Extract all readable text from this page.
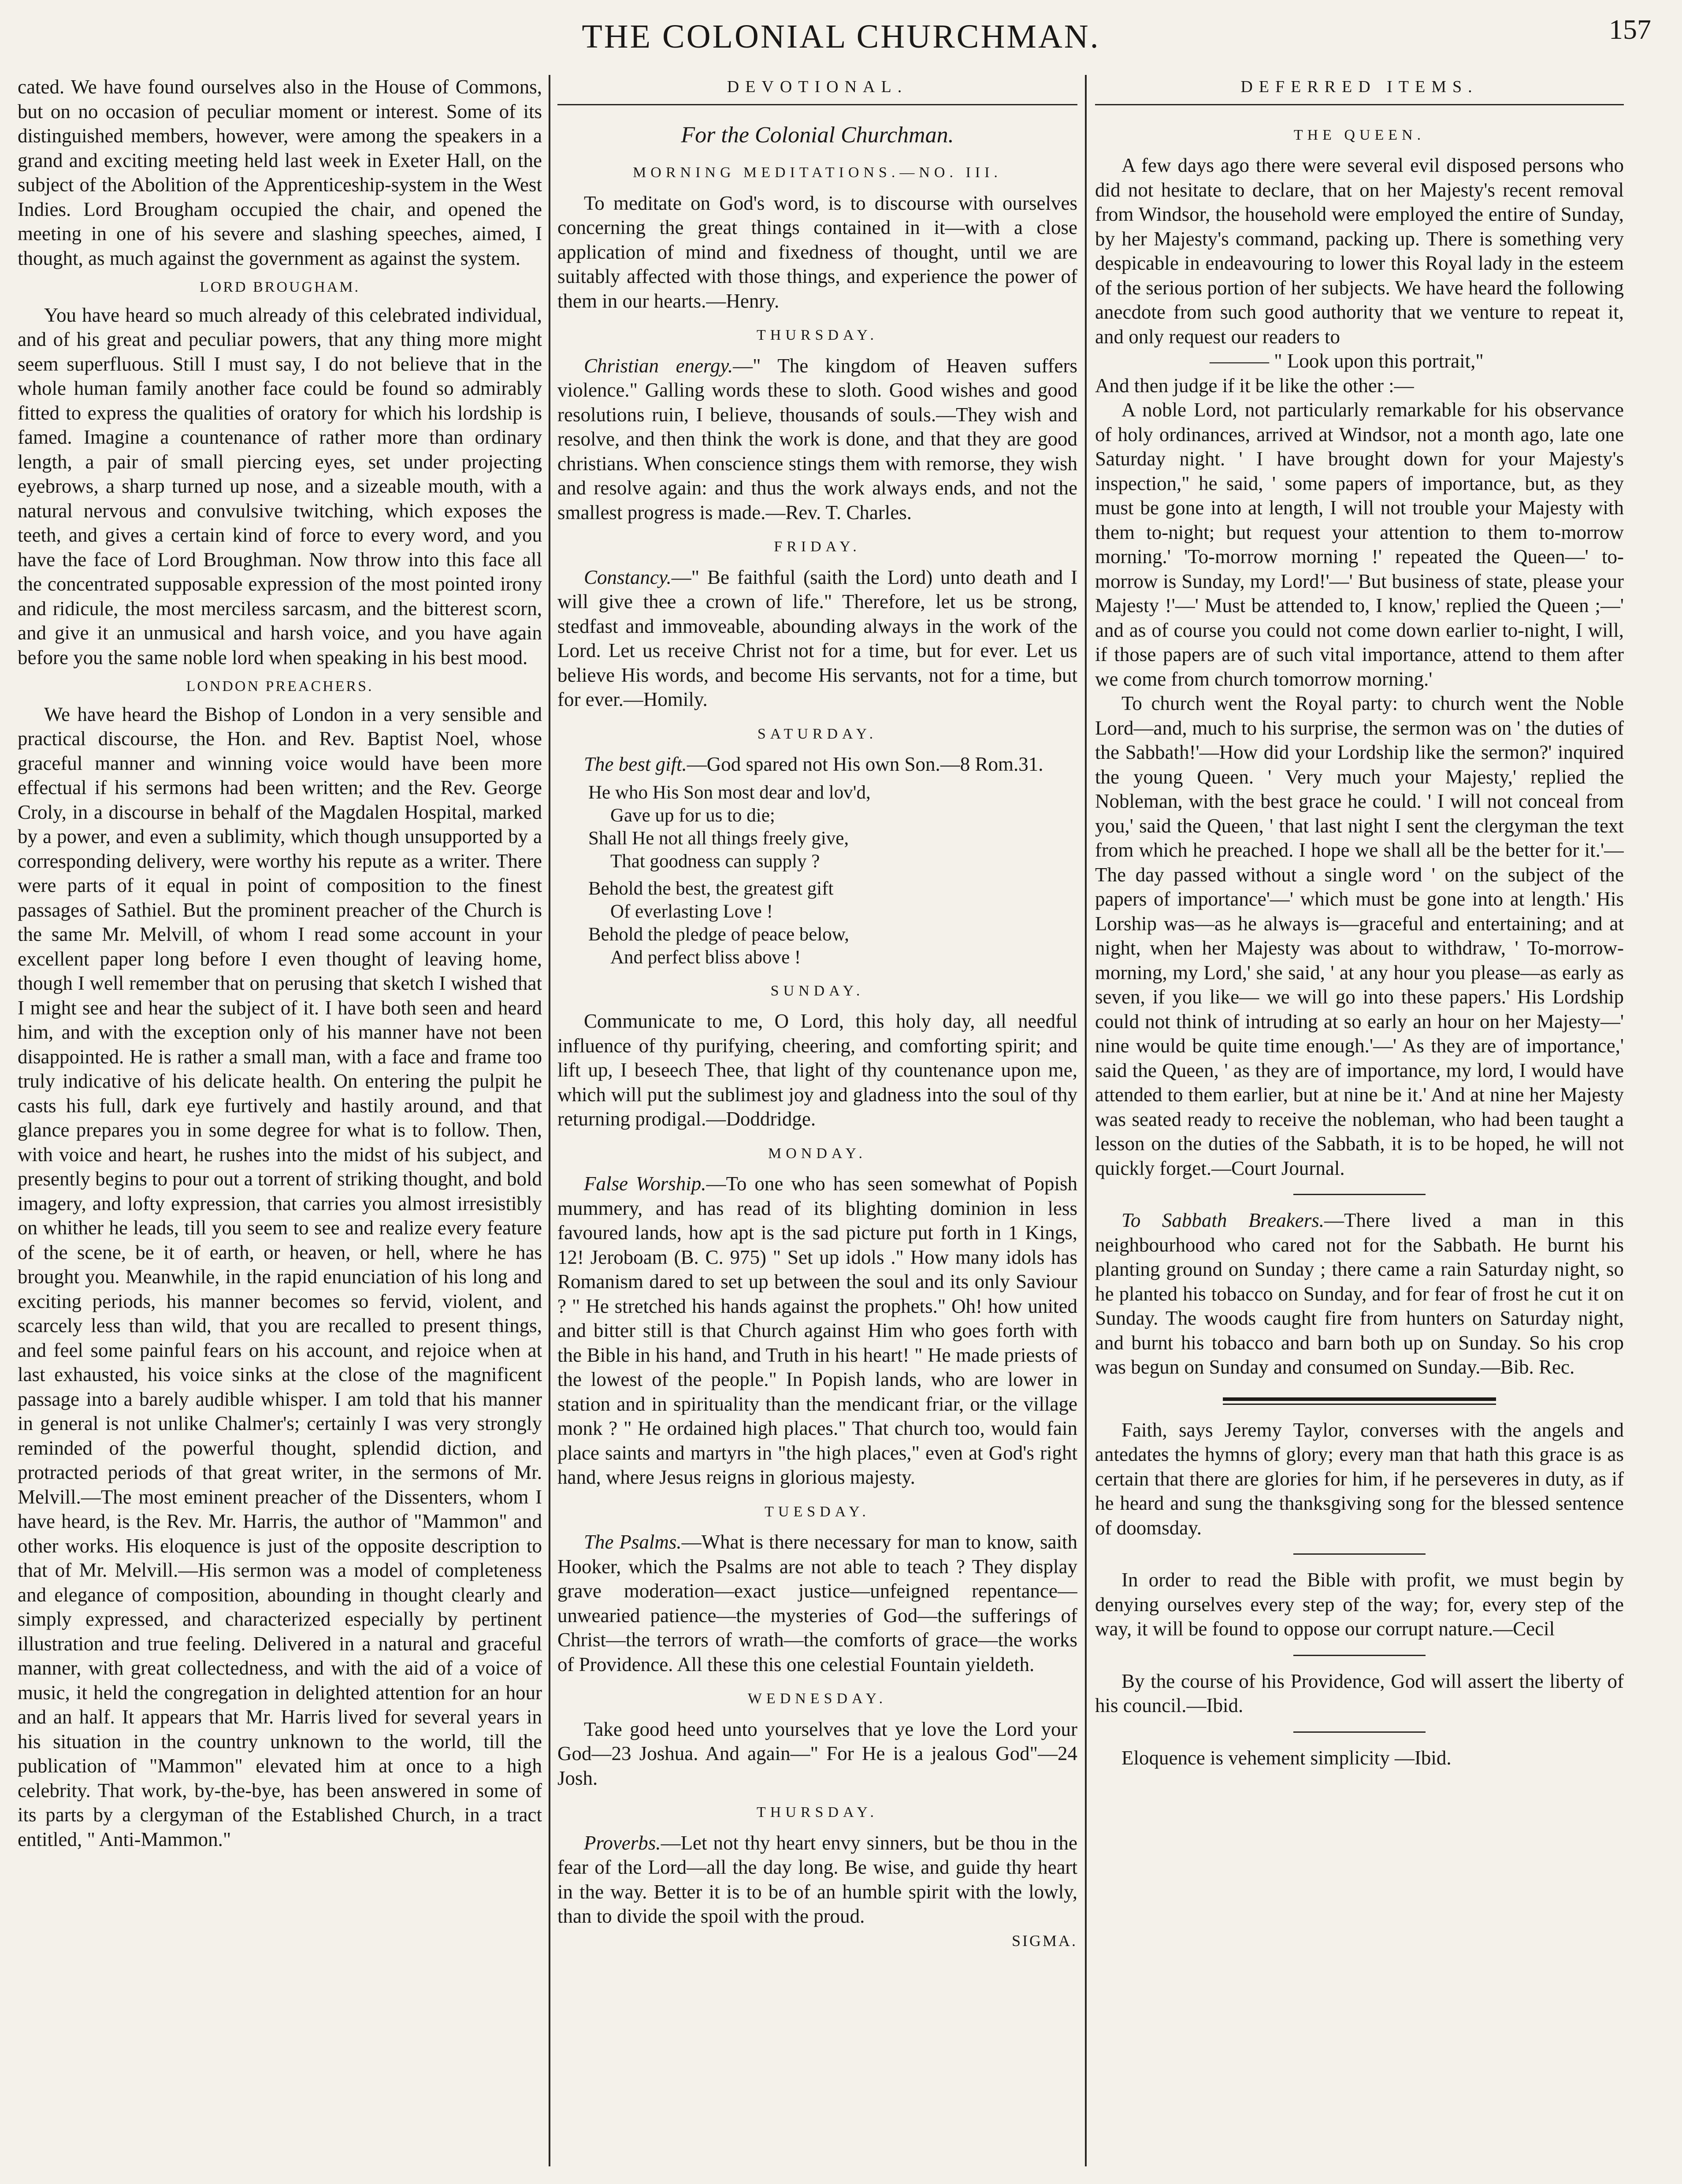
THE COLONIAL CHURCHMAN.	157

cated. We have found ourselves also in the House of Commons, but on no occasion of peculiar moment or interest. Some of its distinguished members, however, were among the speakers in a grand and exciting meeting held last week in Exeter Hall, on the subject of the Abolition of the Apprenticeship-system in the West Indies. Lord Brougham occupied the chair, and opened the meeting in one of his severe and slashing speeches, aimed, I thought, as much against the government as against the system.

LORD BROUGHAM.

You have heard so much already of this celebrated individual, and of his great and peculiar powers, that any thing more might seem superfluous. Still I must say, I do not believe that in the whole human family another face could be found so admirably fitted to express the qualities of oratory for which his lordship is famed. Imagine a countenance of rather more than ordinary length, a pair of small piercing eyes, set under projecting eyebrows, a sharp turned up nose, and a sizeable mouth, with a natural nervous and convulsive twitching, which exposes the teeth, and gives a certain kind of force to every word, and you have the face of Lord Broughman. Now throw into this face all the concentrated supposable expression of the most pointed irony and ridicule, the most merciless sarcasm, and the bitterest scorn, and give it an unmusical and harsh voice, and you have again before you the same noble lord when speaking in his best mood.

LONDON PREACHERS.

We have heard the Bishop of London in a very sensible and practical discourse, the Hon. and Rev. Baptist Noel, whose graceful manner and winning voice would have been more effectual if his sermons had been written; and the Rev. George Croly, in a discourse in behalf of the Magdalen Hospital, marked by a power, and even a sublimity, which though unsupported by a corresponding delivery, were worthy his repute as a writer. There were parts of it equal in point of composition to the finest passages of Sathiel. But the prominent preacher of the Church is the same Mr. Melvill, of whom I read some account in your excellent paper long before I even thought of leaving home, though I well remember that on perusing that sketch I wished that I might see and hear the subject of it. I have both seen and heard him, and with the exception only of his manner have not been disappointed. He is rather a small man, with a face and frame too truly indicative of his delicate health. On entering the pulpit he casts his full, dark eye furtively and hastily around, and that glance prepares you in some degree for what is to follow. Then, with voice and heart, he rushes into the midst of his subject, and presently begins to pour out a torrent of striking thought, and bold imagery, and lofty expression, that carries you almost irresistibly on whither he leads, till you seem to see and realize every feature of the scene, be it of earth, or heaven, or hell, where he has brought you. Meanwhile, in the rapid enunciation of his long and exciting periods, his manner becomes so fervid, violent, and scarcely less than wild, that you are recalled to present things, and feel some painful fears on his account, and rejoice when at last exhausted, his voice sinks at the close of the magnificent passage into a barely audible whisper. I am told that his manner in general is not unlike Chalmer's; certainly I was very strongly reminded of the powerful thought, splendid diction, and protracted periods of that great writer, in the sermons of Mr. Melvill.—The most eminent preacher of the Dissenters, whom I have heard, is the Rev. Mr. Harris, the author of "Mammon" and other works. His eloquence is just of the opposite description to that of Mr. Melvill.—His sermon was a model of completeness and elegance of composition, abounding in thought clearly and simply expressed, and characterized especially by pertinent illustration and true feeling. Delivered in a natural and graceful manner, with great collectedness, and with the aid of a voice of music, it held the congregation in delighted attention for an hour and an half. It appears that Mr. Harris lived for several years in his situation in the country unknown to the world, till the publication of "Mammon" elevated him at once to a high celebrity. That work, by-the-bye, has been answered in some of its parts by a clergyman of the Established Church, in a tract entitled, " Anti-Mammon."

DEVOTIONAL.
For the Colonial Churchman.
MORNING MEDITATIONS.—NO. III.

To meditate on God's word, is to discourse with ourselves concerning the great things contained in it—with a close application of mind and fixedness of thought, until we are suitably affected with those things, and experience the power of them in our hearts.—Henry.

THURSDAY.

Christian energy.—" The kingdom of Heaven suffers violence." Galling words these to sloth. Good wishes and good resolutions ruin, I believe, thousands of souls.—They wish and resolve, and then think the work is done, and that they are good christians. When conscience stings them with remorse, they wish and resolve again: and thus the work always ends, and not the smallest progress is made.—Rev. T. Charles.

FRIDAY.

Constancy.—" Be faithful (saith the Lord) unto death and I will give thee a crown of life." Therefore, let us be strong, stedfast and immoveable, abounding always in the work of the Lord. Let us receive Christ not for a time, but for ever. Let us believe His words, and become His servants, not for a time, but for ever.—Homily.

SATURDAY.

The best gift.—God spared not His own Son.—8 Rom.31.

He who His Son most dear and lov'd,
Gave up for us to die;
Shall He not all things freely give,
That goodness can supply ?
Behold the best, the greatest gift
Of everlasting Love !
Behold the pledge of peace below,
And perfect bliss above !
SUNDAY.

Communicate to me, O Lord, this holy day, all needful influence of thy purifying, cheering, and comforting spirit; and lift up, I beseech Thee, that light of thy countenance upon me, which will put the sublimest joy and gladness into the soul of thy returning prodigal.—Doddridge.

MONDAY.

False Worship.—To one who has seen somewhat of Popish mummery, and has read of its blighting dominion in less favoured lands, how apt is the sad picture put forth in 1 Kings, 12! Jeroboam (B. C. 975) " Set up idols ." How many idols has Romanism dared to set up between the soul and its only Saviour ? " He stretched his hands against the prophets." Oh! how united and bitter still is that Church against Him who goes forth with the Bible in his hand, and Truth in his heart! " He made priests of the lowest of the people." In Popish lands, who are lower in station and in spirituality than the mendicant friar, or the village monk ? " He ordained high places." That church too, would fain place saints and martyrs in "the high places," even at God's right hand, where Jesus reigns in glorious majesty.

TUESDAY.

The Psalms.—What is there necessary for man to know, saith Hooker, which the Psalms are not able to teach ? They display grave moderation—exact justice—unfeigned repentance—unwearied patience—the mysteries of God—the sufferings of Christ—the terrors of wrath—the comforts of grace—the works of Providence. All these this one celestial Fountain yieldeth.

WEDNESDAY.

Take good heed unto yourselves that ye love the Lord your God—23 Joshua. And again—" For He is a jealous God"—24 Josh.

THURSDAY.

Proverbs.—Let not thy heart envy sinners, but be thou in the fear of the Lord—all the day long. Be wise, and guide thy heart in the way. Better it is to be of an humble spirit with the lowly, than to divide the spoil with the proud.

SIGMA.
DEFERRED ITEMS.
THE QUEEN.

A few days ago there were several evil disposed persons who did not hesitate to declare, that on her Majesty's recent removal from Windsor, the household were employed the entire of Sunday, by her Majesty's command, packing up. There is something very despicable in endeavouring to lower this Royal lady in the esteem of the serious portion of her subjects. We have heard the following anecdote from such good authority that we venture to repeat it, and only request our readers to

——— " Look upon this portrait,"

And then judge if it be like the other :—

A noble Lord, not particularly remarkable for his observance of holy ordinances, arrived at Windsor, not a month ago, late one Saturday night. ' I have brought down for your Majesty's inspection," he said, ' some papers of importance, but, as they must be gone into at length, I will not trouble your Majesty with them to-night; but request your attention to them to-morrow morning.' 'To-morrow morning !' repeated the Queen—' to-morrow is Sunday, my Lord!'—' But business of state, please your Majesty !'—' Must be attended to, I know,' replied the Queen ;—' and as of course you could not come down earlier to-night, I will, if those papers are of such vital importance, attend to them after we come from church tomorrow morning.'

To church went the Royal party: to church went the Noble Lord—and, much to his surprise, the sermon was on ' the duties of the Sabbath!'—How did your Lordship like the sermon?' inquired the young Queen. ' Very much your Majesty,' replied the Nobleman, with the best grace he could. ' I will not conceal from you,' said the Queen, ' that last night I sent the clergyman the text from which he preached. I hope we shall all be the better for it.'—The day passed without a single word ' on the subject of the papers of importance'—' which must be gone into at length.' His Lorship was—as he always is—graceful and entertaining; and at night, when her Majesty was about to withdraw, ' To-morrow-morning, my Lord,' she said, ' at any hour you please—as early as seven, if you like— we will go into these papers.' His Lordship could not think of intruding at so early an hour on her Majesty—' nine would be quite time enough.'—' As they are of importance,' said the Queen, ' as they are of importance, my lord, I would have attended to them earlier, but at nine be it.' And at nine her Majesty was seated ready to receive the nobleman, who had been taught a lesson on the duties of the Sabbath, it is to be hoped, he will not quickly forget.—Court Journal.

To Sabbath Breakers.—There lived a man in this neighbourhood who cared not for the Sabbath. He burnt his planting ground on Sunday ; there came a rain Saturday night, so he planted his tobacco on Sunday, and for fear of frost he cut it on Sunday. The woods caught fire from hunters on Saturday night, and burnt his tobacco and barn both up on Sunday. So his crop was begun on Sunday and consumed on Sunday.—Bib. Rec.

Faith, says Jeremy Taylor, converses with the angels and antedates the hymns of glory; every man that hath this grace is as certain that there are glories for him, if he perseveres in duty, as if he heard and sung the thanksgiving song for the blessed sentence of doomsday.

In order to read the Bible with profit, we must begin by denying ourselves every step of the way; for, every step of the way, it will be found to oppose our corrupt nature.—Cecil

By the course of his Providence, God will assert the liberty of his council.—Ibid.

Eloquence is vehement simplicity —Ibid.
